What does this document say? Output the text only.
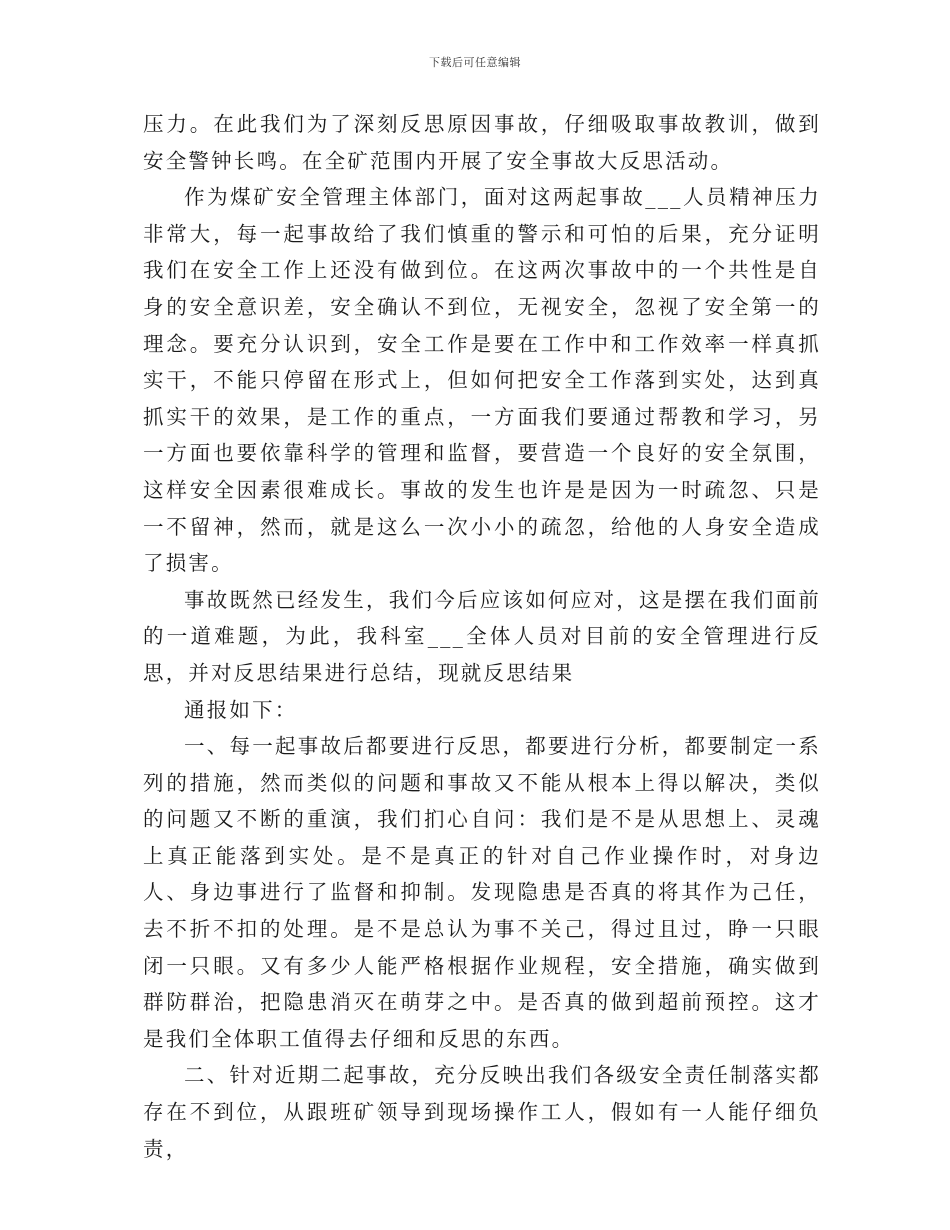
下载后可任意编辑

压力。在此我们为了深刻反思原因事故，仔细吸取事故教训，做到安全警钟长鸣。在全矿范围内开展了安全事故大反思活动。

作为煤矿安全管理主体部门，面对这两起事故___人员精神压力非常大，每一起事故给了我们慎重的警示和可怕的后果，充分证明我们在安全工作上还没有做到位。在这两次事故中的一个共性是自身的安全意识差，安全确认不到位，无视安全，忽视了安全第一的理念。要充分认识到，安全工作是要在工作中和工作效率一样真抓实干，不能只停留在形式上，但如何把安全工作落到实处，达到真抓实干的效果，是工作的重点，一方面我们要通过帮教和学习，另一方面也要依靠科学的管理和监督，要营造一个良好的安全氛围，这样安全因素很难成长。事故的发生也许是是因为一时疏忽、只是一不留神，然而，就是这么一次小小的疏忽，给他的人身安全造成了损害。

事故既然已经发生，我们今后应该如何应对，这是摆在我们面前的一道难题，为此，我科室___全体人员对目前的安全管理进行反思，并对反思结果进行总结，现就反思结果

通报如下：

一、每一起事故后都要进行反思，都要进行分析，都要制定一系列的措施，然而类似的问题和事故又不能从根本上得以解决，类似的问题又不断的重演，我们扪心自问：我们是不是从思想上、灵魂上真正能落到实处。是不是真正的针对自己作业操作时，对身边人、身边事进行了监督和抑制。发现隐患是否真的将其作为己任，去不折不扣的处理。是不是总认为事不关己，得过且过，睁一只眼闭一只眼。又有多少人能严格根据作业规程，安全措施，确实做到群防群治，把隐患消灭在萌芽之中。是否真的做到超前预控。这才是我们全体职工值得去仔细和反思的东西。

二、针对近期二起事故，充分反映出我们各级安全责任制落实都存在不到位，从跟班矿领导到现场操作工人，假如有一人能仔细负责，
